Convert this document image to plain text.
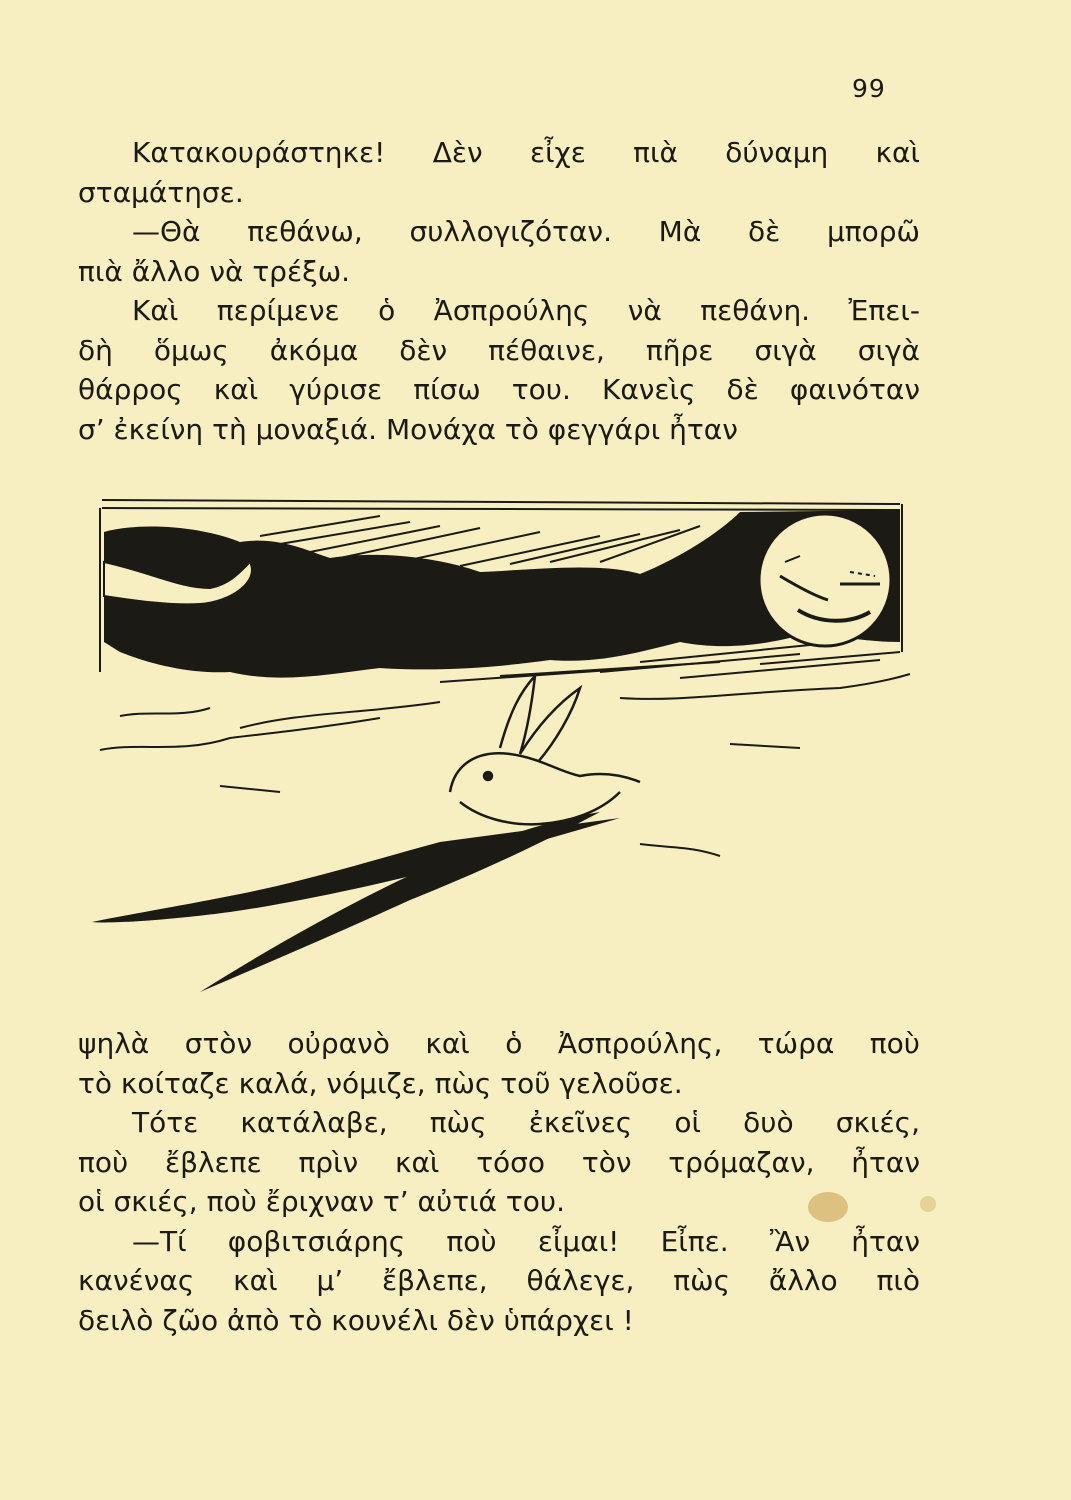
99

Κατακουράστηκε! Δὲν εἶχε πιὰ δύναμη καὶ
σταμάτησε.

—Θὰ πεθάνω, συλλογιζόταν. Μὰ δὲ μπορῶ
πιὰ ἄλλο νὰ τρέξω.

Καὶ περίμενε ὁ Ἀσπρούλης νὰ πεθάνη. Ἐπει-
δὴ ὅμως ἀκόμα δὲν πέθαινε, πῆρε σιγὰ σιγὰ
θάρρος καὶ γύρισε πίσω του. Κανεὶς δὲ φαινόταν
σ’ ἐκείνη τὴ μοναξιά. Μονάχα τὸ φεγγάρι ἦταν

ψηλὰ στὸν οὐρανὸ καὶ ὁ Ἀσπρούλης, τώρα ποὺ
τὸ κοίταζε καλά, νόμιζε, πὼς τοῦ γελοῦσε.

Τότε κατάλαβε, πὼς ἐκεῖνες οἱ δυὸ σκιές,
ποὺ ἔβλεπε πρὶν καὶ τόσο τὸν τρόμαζαν, ἦταν
οἱ σκιές, ποὺ ἔριχναν τ’ αὐτιά του.

—Τί φοβιτσιάρης ποὺ εἶμαι! Εἶπε. Ἂν ἦταν
κανένας καὶ μ’ ἔβλεπε, θάλεγε, πὼς ἄλλο πιὸ
δειλὸ ζῶο ἀπὸ τὸ κουνέλι δὲν ὑπάρχει !
